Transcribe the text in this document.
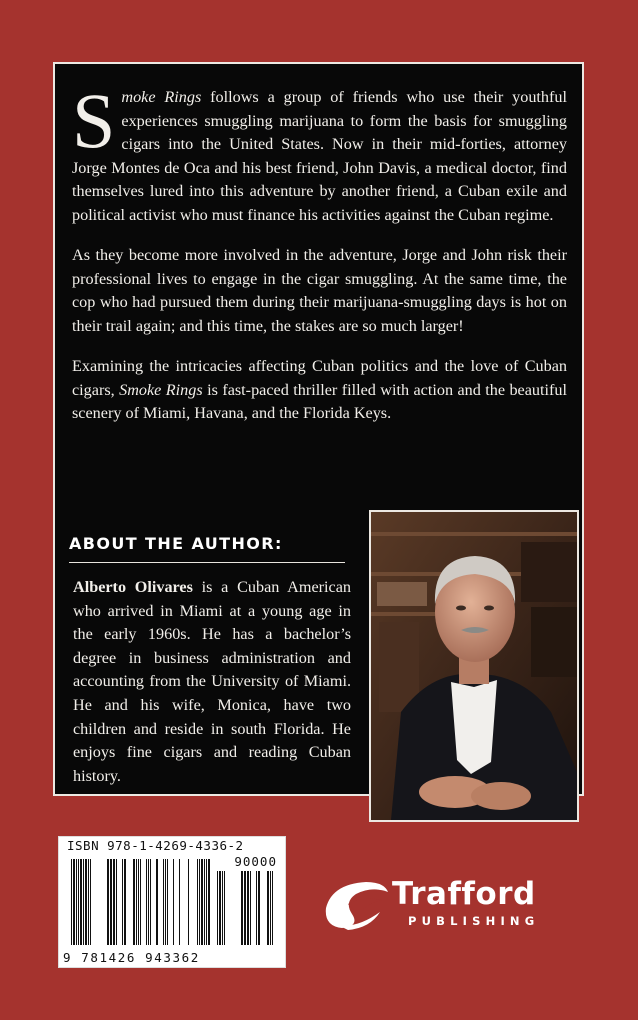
Smoke Rings follows a group of friends who use their youthful experiences smuggling marijuana to form the basis for smuggling cigars into the United States. Now in their mid-forties, attorney Jorge Montes de Oca and his best friend, John Davis, a medical doctor, find themselves lured into this adventure by another friend, a Cuban exile and political activist who must finance his activities against the Cuban regime.

As they become more involved in the adventure, Jorge and John risk their professional lives to engage in the cigar smuggling. At the same time, the cop who had pursued them during their marijuana-smuggling days is hot on their trail again; and this time, the stakes are so much larger!

Examining the intricacies affecting Cuban politics and the love of Cuban cigars, Smoke Rings is fast-paced thriller filled with action and the beautiful scenery of Miami, Havana, and the Florida Keys.

ABOUT THE AUTHOR:
Alberto Olivares is a Cuban American who arrived in Miami at a young age in the early 1960s. He has a bachelor’s degree in business administration and accounting from the University of Miami. He and his wife, Monica, have two children and reside in south Florida. He enjoys fine cigars and reading Cuban history.
ISBN 978-1-4269-4336-2
90000
9 781426 943362
Trafford
PUBLISHING
